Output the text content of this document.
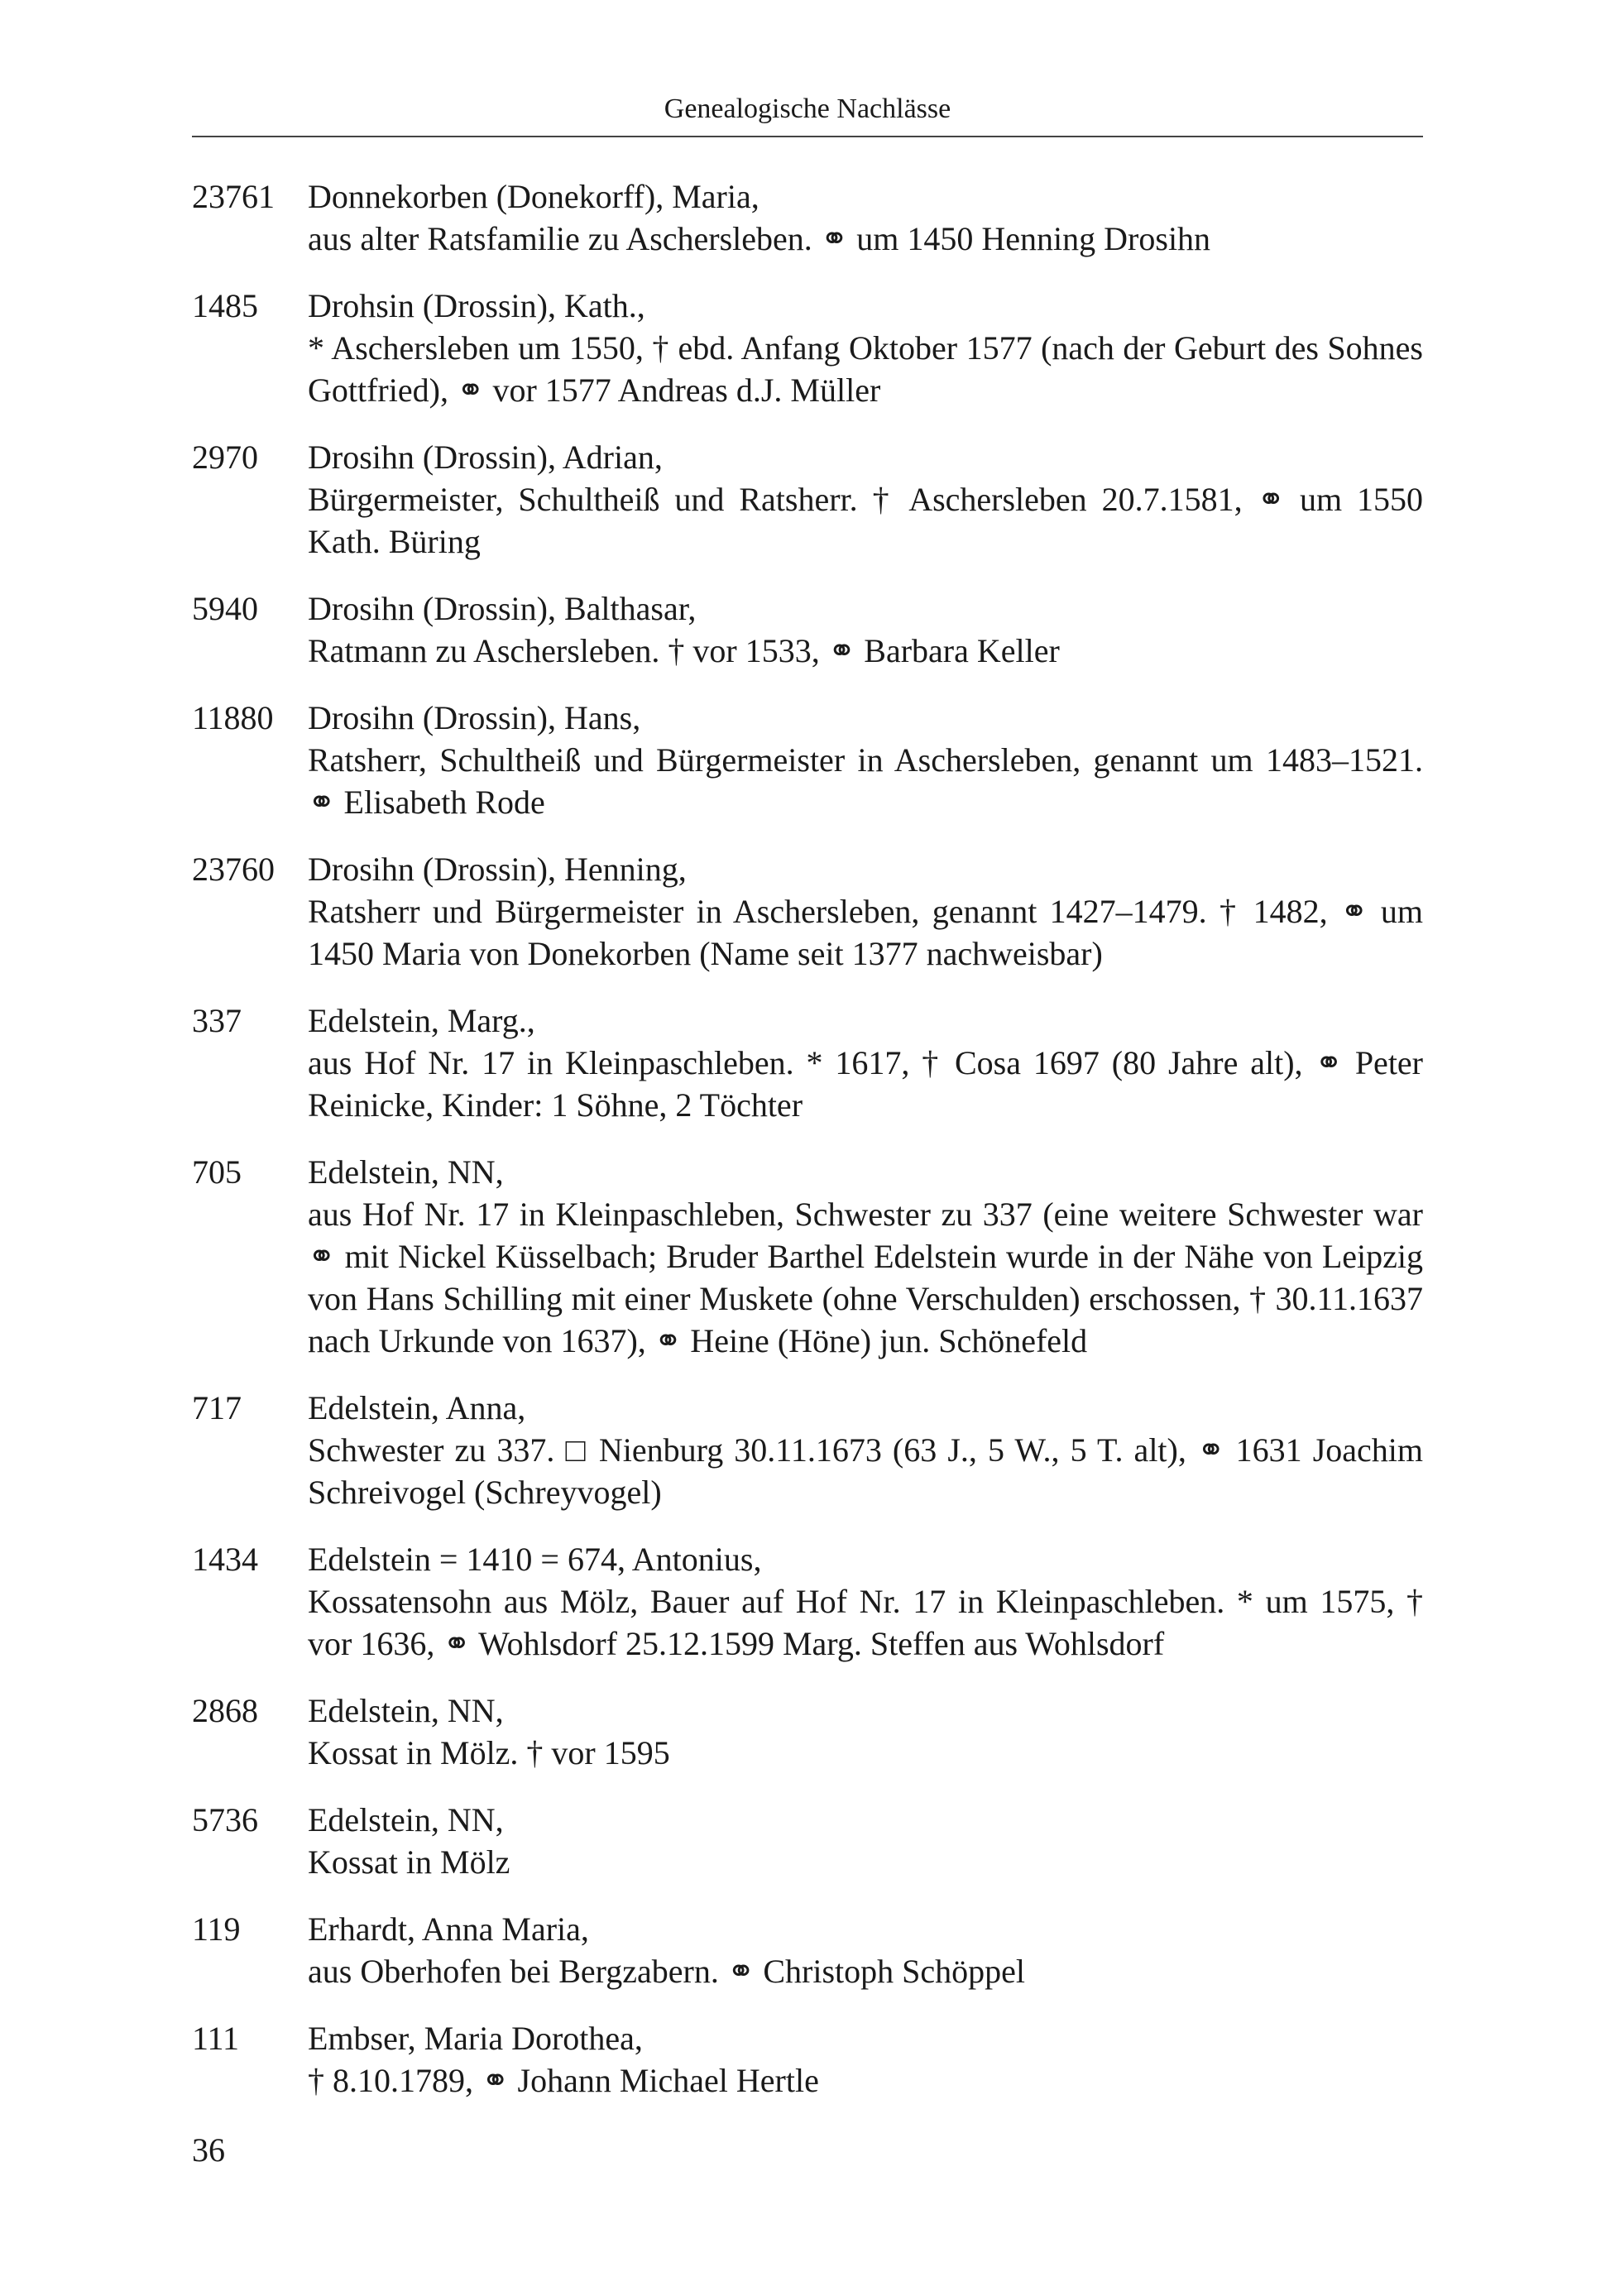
Genealogische Nachlässe
23761	Donnekorben (Donekorff), Maria,
aus alter Ratsfamilie zu Aschersleben. ⚭ um 1450 Henning Drosihn
1485	Drohsin (Drossin), Kath.,
* Aschersleben um 1550, † ebd. Anfang Oktober 1577 (nach der Geburt des Sohnes Gottfried), ⚭ vor 1577 Andreas d.J. Müller
2970	Drosihn (Drossin), Adrian,
Bürgermeister, Schultheiß und Ratsherr. † Aschersleben 20.7.1581, ⚭ um 1550 Kath. Büring
5940	Drosihn (Drossin), Balthasar,
Ratmann zu Aschersleben. † vor 1533, ⚭ Barbara Keller
11880	Drosihn (Drossin), Hans,
Ratsherr, Schultheiß und Bürgermeister in Aschersleben, genannt um 1483–1521. ⚭ Elisabeth Rode
23760	Drosihn (Drossin), Henning,
Ratsherr und Bürgermeister in Aschersleben, genannt 1427–1479. † 1482, ⚭ um 1450 Maria von Donekorben (Name seit 1377 nachweisbar)
337	Edelstein, Marg.,
aus Hof Nr. 17 in Kleinpaschleben. * 1617, † Cosa 1697 (80 Jahre alt), ⚭ Peter Reinicke, Kinder: 1 Söhne, 2 Töchter
705	Edelstein, NN,
aus Hof Nr. 17 in Kleinpaschleben, Schwester zu 337 (eine weitere Schwester war ⚭ mit Nickel Küsselbach; Bruder Barthel Edelstein wurde in der Nähe von Leipzig von Hans Schilling mit einer Muskete (ohne Verschulden) erschossen, † 30.11.1637 nach Urkunde von 1637), ⚭ Heine (Höne) jun. Schönefeld
717	Edelstein, Anna,
Schwester zu 337. □ Nienburg 30.11.1673 (63 J., 5 W., 5 T. alt), ⚭ 1631 Joachim Schreivogel (Schreyvogel)
1434	Edelstein = 1410 = 674, Antonius,
Kossatensohn aus Mölz, Bauer auf Hof Nr. 17 in Kleinpaschleben. * um 1575, † vor 1636, ⚭ Wohlsdorf 25.12.1599 Marg. Steffen aus Wohlsdorf
2868	Edelstein, NN,
Kossat in Mölz. † vor 1595
5736	Edelstein, NN,
Kossat in Mölz
119	Erhardt, Anna Maria,
aus Oberhofen bei Bergzabern. ⚭ Christoph Schöppel
111	Embser, Maria Dorothea,
† 8.10.1789, ⚭ Johann Michael Hertle
36
